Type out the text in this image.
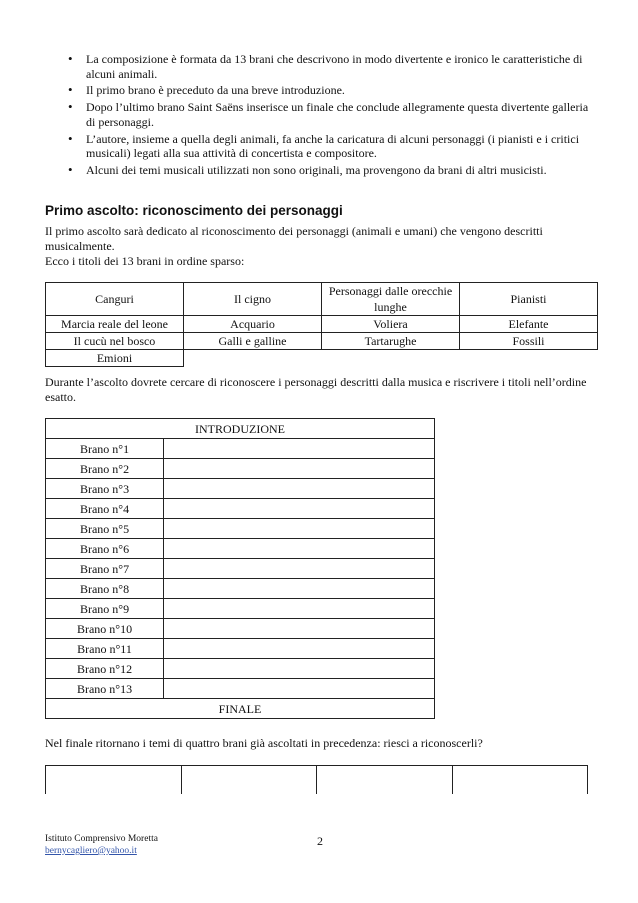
• La composizione è formata da 13 brani che descrivono in modo divertente e ironico le caratteristiche di alcuni animali.
• Il primo brano è preceduto da una breve introduzione.
• Dopo l’ultimo brano Saint Saëns inserisce un finale che conclude allegramente questa divertente galleria di personaggi.
• L’autore, insieme a quella degli animali, fa anche la caricatura di alcuni personaggi (i pianisti e i critici musicali) legati alla sua attività di concertista e compositore.
• Alcuni dei temi musicali utilizzati non sono originali, ma provengono da brani di altri musicisti.
Primo ascolto: riconoscimento dei personaggi

Il primo ascolto sarà dedicato al riconoscimento dei personaggi (animali e umani) che vengono descritti musicalmente.

Ecco i titoli dei 13 brani in ordine sparso:

Canguri	Il cigno	Personaggi dalle orecchie lunghe	Pianisti
Marcia reale del leone	Acquario	Voliera	Elefante
Il cucù nel bosco	Galli e galline	Tartarughe	Fossili
Emioni			

Durante l’ascolto dovrete cercare di riconoscere i personaggi descritti dalla musica e riscrivere i titoli nell’ordine esatto.

INTRODUZIONE	
Brano n°1	
Brano n°2	
Brano n°3	
Brano n°4	
Brano n°5	
Brano n°6	
Brano n°7	
Brano n°8	
Brano n°9	
Brano n°10	
Brano n°11	
Brano n°12	
Brano n°13	
FINALE	

Nel finale ritornano i temi di quattro brani già ascoltati in precedenza: riesci a riconoscerli?

Istituto Comprensivo Moretta
bernycagliero@yahoo.it
2
